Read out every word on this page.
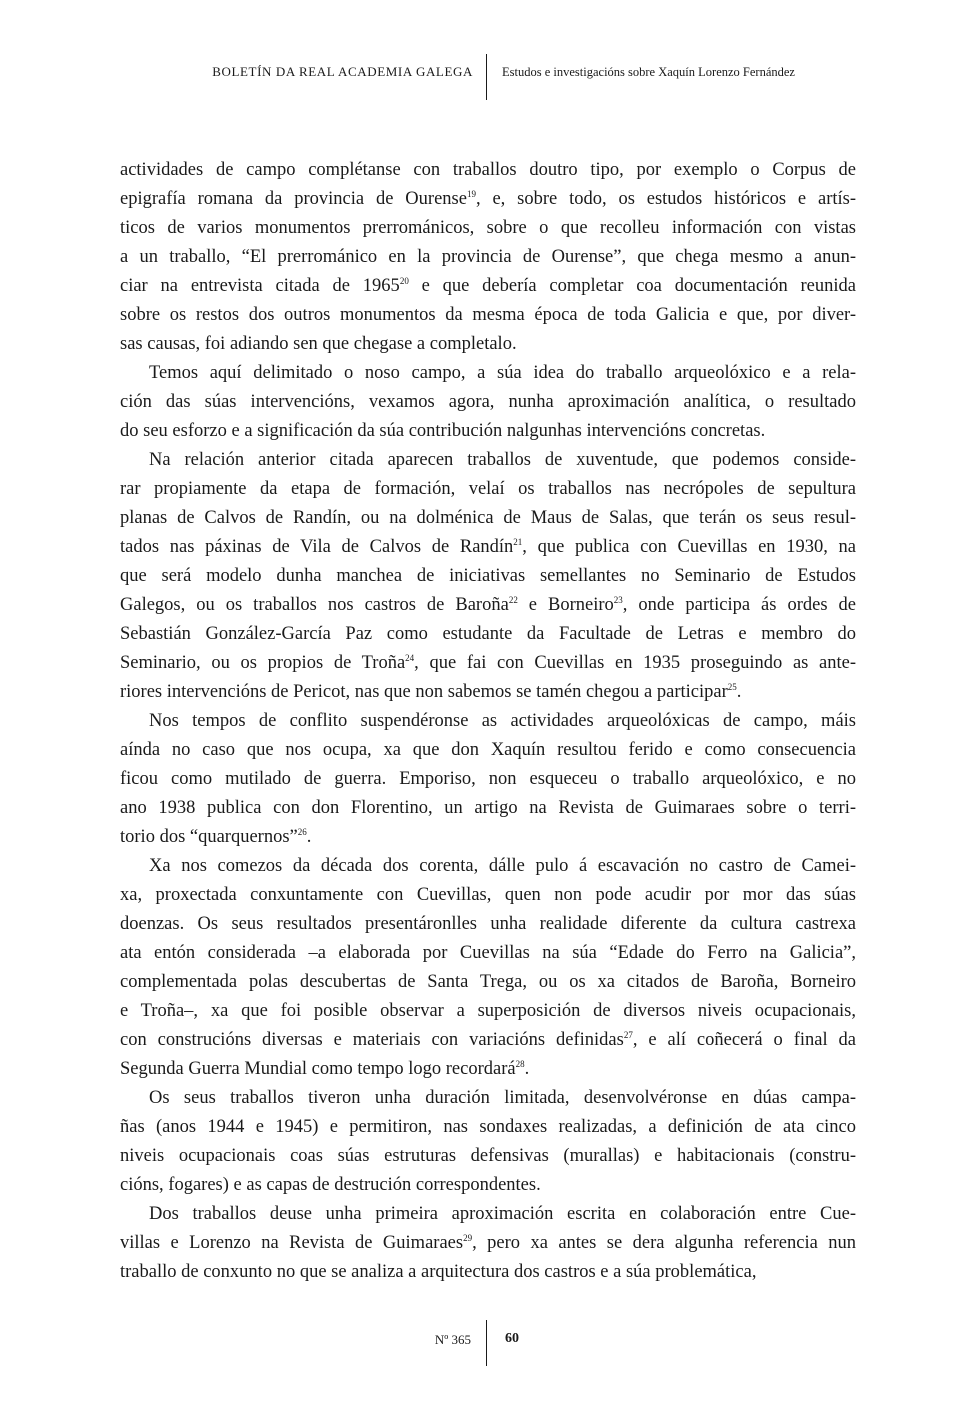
BOLETÍN DA REAL ACADEMIA GALEGA Estudos e investigacións sobre Xaquín Lorenzo Fernández
actividades de campo complétanse con traballos doutro tipo, por exemplo o Corpus de
epigrafía romana da provincia de Ourense$^{19}$, e, sobre todo, os estudos históricos e artís-
ticos de varios monumentos prerrománicos, sobre o que recolleu información con vistas
a un traballo, “El prerrománico en la provincia de Ourense”, que chega mesmo a anun-
ciar na entrevista citada de 1965$^{20}$ e que debería completar coa documentación reunida
sobre os restos dos outros monumentos da mesma época de toda Galicia e que, por diver-
sas causas, foi adiando sen que chegase a completalo.
Temos aquí delimitado o noso campo, a súa idea do traballo arqueolóxico e a rela-
ción das súas intervencións, vexamos agora, nunha aproximación analítica, o resultado
do seu esforzo e a significación da súa contribución nalgunhas intervencións concretas.
Na relación anterior citada aparecen traballos de xuventude, que podemos conside-
rar propiamente da etapa de formación, velaí os traballos nas necrópoles de sepultura
planas de Calvos de Randín, ou na dolménica de Maus de Salas, que terán os seus resul-
tados nas páxinas de Vila de Calvos de Randín$^{21}$, que publica con Cuevillas en 1930, na
que será modelo dunha manchea de iniciativas semellantes no Seminario de Estudos
Galegos, ou os traballos nos castros de Baroña$^{22}$ e Borneiro$^{23}$, onde participa ás ordes de
Sebastián González-García Paz como estudante da Facultade de Letras e membro do
Seminario, ou os propios de Troña$^{24}$, que fai con Cuevillas en 1935 proseguindo as ante-
riores intervencións de Pericot, nas que non sabemos se tamén chegou a participar$^{25}$.
Nos tempos de conflito suspendéronse as actividades arqueolóxicas de campo, máis
aínda no caso que nos ocupa, xa que don Xaquín resultou ferido e como consecuencia
ficou como mutilado de guerra. Emporiso, non esqueceu o traballo arqueolóxico, e no
ano 1938 publica con don Florentino, un artigo na Revista de Guimaraes sobre o terri-
torio dos “quarquernos”$^{26}$.
Xa nos comezos da década dos corenta, dálle pulo á escavación no castro de Camei-
xa, proxectada conxuntamente con Cuevillas, quen non pode acudir por mor das súas
doenzas. Os seus resultados presentáronlles unha realidade diferente da cultura castrexa
ata entón considerada –a elaborada por Cuevillas na súa “Edade do Ferro na Galicia”,
complementada polas descubertas de Santa Trega, ou os xa citados de Baroña, Borneiro
e Troña–, xa que foi posible observar a superposición de diversos niveis ocupacionais,
con construcións diversas e materiais con variacións definidas$^{27}$, e alí coñecerá o final da
Segunda Guerra Mundial como tempo logo recordará$^{28}$.
Os seus traballos tiveron unha duración limitada, desenvolvéronse en dúas campa-
ñas (anos 1944 e 1945) e permitiron, nas sondaxes realizadas, a definición de ata cinco
niveis ocupacionais coas súas estruturas defensivas (murallas) e habitacionais (constru-
cións, fogares) e as capas de destrución correspondentes.
Dos traballos deuse unha primeira aproximación escrita en colaboración entre Cue-
villas e Lorenzo na Revista de Guimaraes$^{29}$, pero xa antes se dera algunha referencia nun
traballo de conxunto no que se analiza a arquitectura dos castros e a súa problemática,
Nº 365 60
